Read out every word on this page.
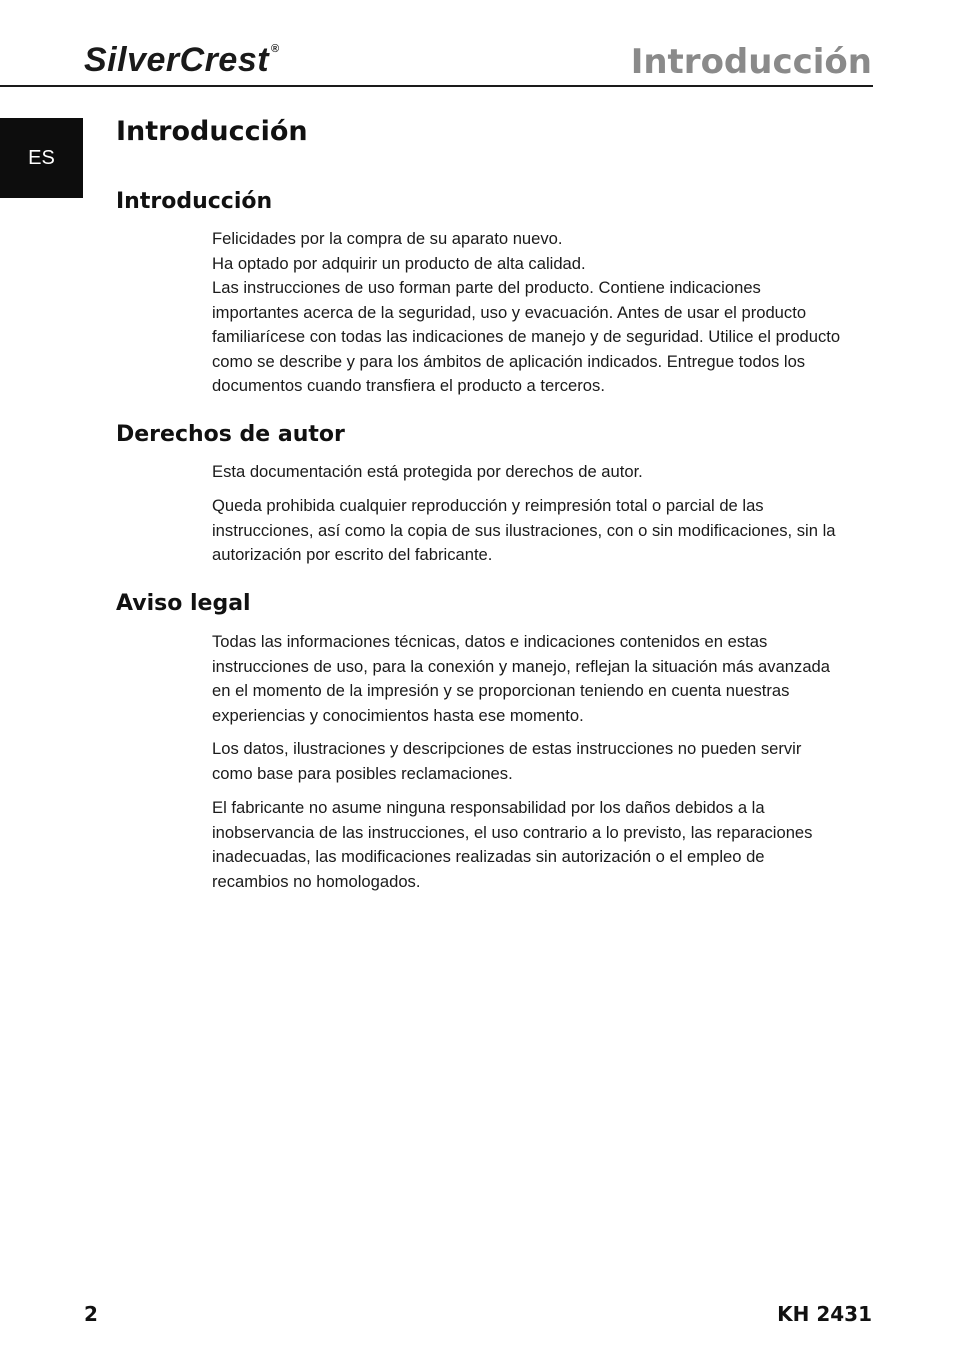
SilverCrest ®	Introducción
ES
Introducción
Introducción

Felicidades por la compra de su aparato nuevo.
Ha optado por adquirir un producto de alta calidad.
Las instrucciones de uso forman parte del producto. Contiene indicaciones importantes acerca de la seguridad, uso y evacuación. Antes de usar el producto familiarícese con todas las indicaciones de manejo y de seguridad. Utilice el producto como se describe y para los ámbitos de aplicación indicados. Entregue todos los documentos cuando transfiera el producto a terceros.

Derechos de autor

Esta documentación está protegida por derechos de autor.

Queda prohibida cualquier reproducción y reimpresión total o parcial de las instrucciones, así como la copia de sus ilustraciones, con o sin modificaciones, sin la autorización por escrito del fabricante.

Aviso legal

Todas las informaciones técnicas, datos e indicaciones contenidos en estas instrucciones de uso, para la conexión y manejo, reflejan la situación más avanzada en el momento de la impresión y se proporcionan teniendo en cuenta nuestras experiencias y conocimientos hasta ese momento.

Los datos, ilustraciones y descripciones de estas instrucciones no pueden servir como base para posibles reclamaciones.

El fabricante no asume ninguna responsabilidad por los daños debidos a la inobservancia de las instrucciones, el uso contrario a lo previsto, las reparaciones inadecuadas, las modificaciones realizadas sin autorización o el empleo de recambios no homologados.

2	KH 2431
